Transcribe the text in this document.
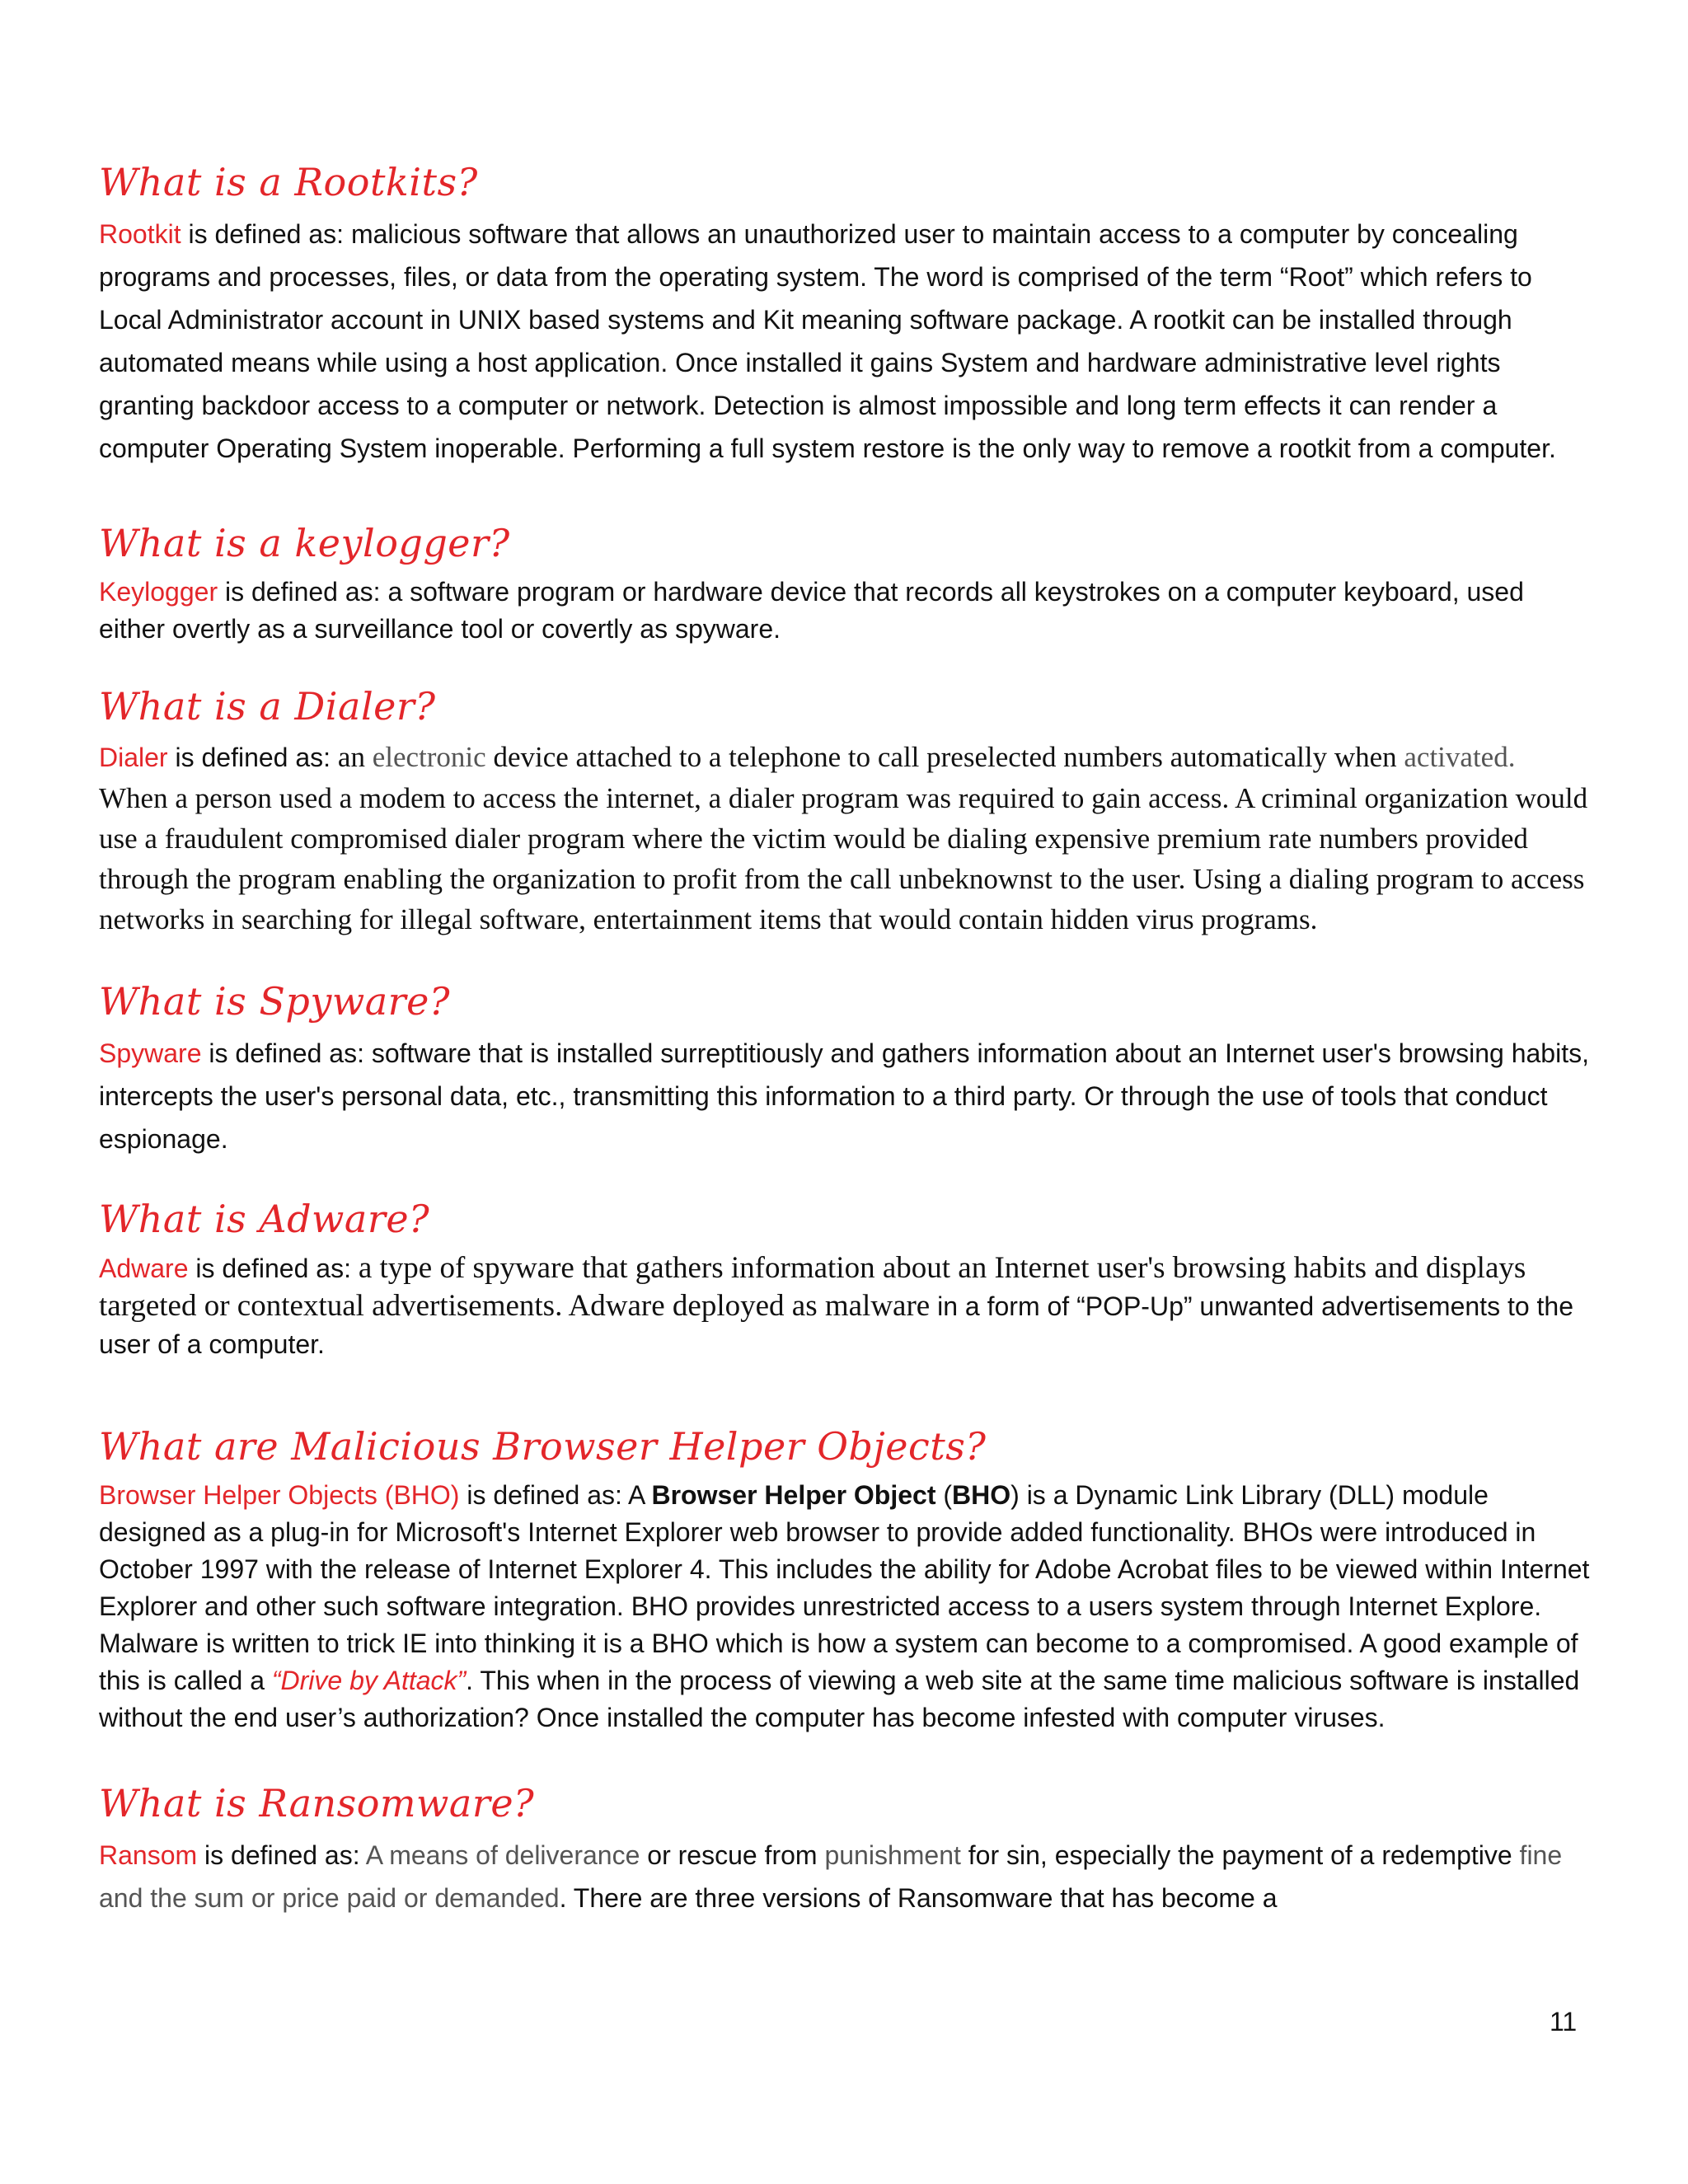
What is a Rootkits?

Rootkit is defined as: malicious software that allows an unauthorized user to maintain access to a computer by concealing programs and processes, files, or data from the operating system. The word is comprised of the term “Root” which refers to Local Administrator account in UNIX based systems and Kit meaning software package. A rootkit can be installed through automated means while using a host application. Once installed it gains System and hardware administrative level rights granting backdoor access to a computer or network. Detection is almost impossible and long term effects it can render a computer Operating System inoperable. Performing a full system restore is the only way to remove a rootkit from a computer.

What is a keylogger?

Keylogger is defined as: a software program or hardware device that records all keystrokes on a computer keyboard, used either overtly as a surveillance tool or covertly as spyware.

What is a Dialer?

Dialer is defined as: an electronic device attached to a telephone to call preselected numbers automatically when activated. When a person used a modem to access the internet, a dialer program was required to gain access. A criminal organization would use a fraudulent compromised dialer program where the victim would be dialing expensive premium rate numbers provided through the program enabling the organization to profit from the call unbeknownst to the user. Using a dialing program to access networks in searching for illegal software, entertainment items that would contain hidden virus programs.

What is Spyware?

Spyware is defined as: software that is installed surreptitiously and gathers information about an Internet user's browsing habits, intercepts the user's personal data, etc., transmitting this information to a third party. Or through the use of tools that conduct espionage.

What is Adware?

Adware is defined as: a type of spyware that gathers information about an Internet user's browsing habits and displays targeted or contextual advertisements. Adware deployed as malware in a form of “POP-Up” unwanted advertisements to the user of a computer.

What are Malicious Browser Helper Objects?

Browser Helper Objects (BHO) is defined as: A Browser Helper Object (BHO) is a Dynamic Link Library (DLL) module designed as a plug-in for Microsoft's Internet Explorer web browser to provide added functionality. BHOs were introduced in October 1997 with the release of Internet Explorer 4. This includes the ability for Adobe Acrobat files to be viewed within Internet Explorer and other such software integration. BHO provides unrestricted access to a users system through Internet Explore. Malware is written to trick IE into thinking it is a BHO which is how a system can become to a compromised. A good example of this is called a “Drive by Attack”. This when in the process of viewing a web site at the same time malicious software is installed without the end user’s authorization? Once installed the computer has become infested with computer viruses.

What is Ransomware?

Ransom is defined as: A means of deliverance or rescue from punishment for sin, especially the payment of a redemptive fine and the sum or price paid or demanded. There are three versions of Ransomware that has become a

11
